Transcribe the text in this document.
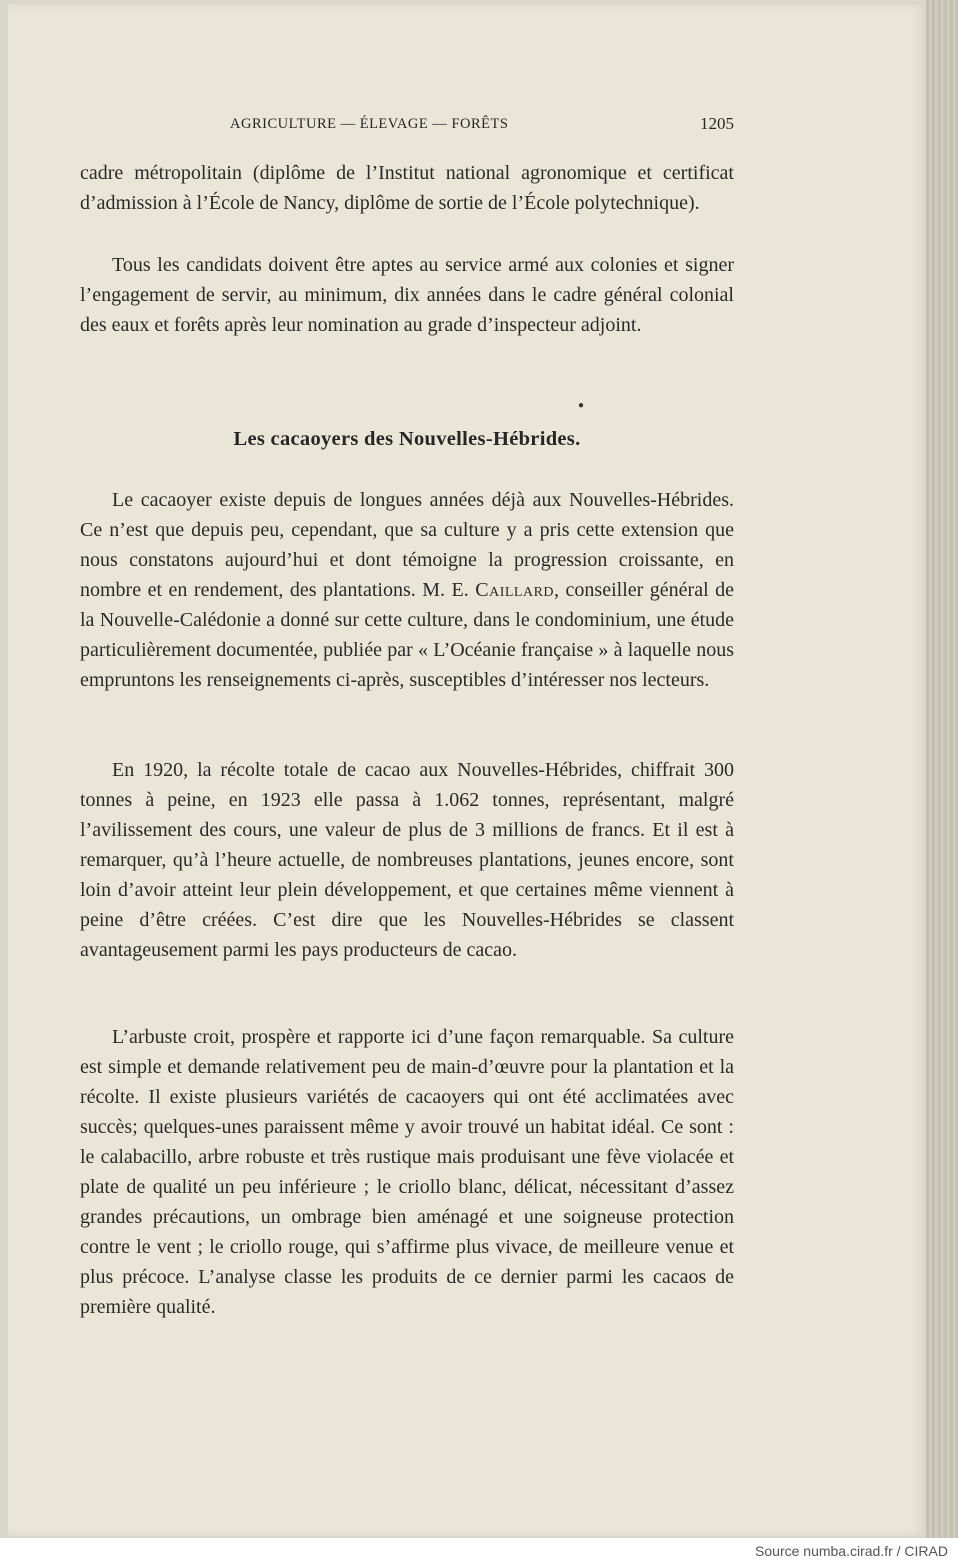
AGRICULTURE — ÉLEVAGE — FORÊTS	1205

cadre métropolitain (diplôme de l’Institut national agronomique et certificat d’admission à l’École de Nancy, diplôme de sortie de l’École polytechnique).

Tous les candidats doivent être aptes au service armé aux colonies et signer l’engagement de servir, au minimum, dix années dans le cadre général colonial des eaux et forêts après leur nomination au grade d’inspecteur adjoint.

●
Les cacaoyers des Nouvelles-Hébrides.

Le cacaoyer existe depuis de longues années déjà aux Nouvelles-Hébrides. Ce n’est que depuis peu, cependant, que sa culture y a pris cette extension que nous constatons aujourd’hui et dont témoigne la progression croissante, en nombre et en rendement, des plantations. M. E. Caillard, conseiller général de la Nouvelle-Calédonie a donné sur cette culture, dans le condominium, une étude particulièrement documentée, publiée par « L’Océanie française » à laquelle nous empruntons les renseignements ci-après, susceptibles d’intéresser nos lecteurs.

En 1920, la récolte totale de cacao aux Nouvelles-Hébrides, chiffrait 300 tonnes à peine, en 1923 elle passa à 1.062 tonnes, représentant, malgré l’avilissement des cours, une valeur de plus de 3 millions de francs. Et il est à remarquer, qu’à l’heure actuelle, de nombreuses plantations, jeunes encore, sont loin d’avoir atteint leur plein développement, et que certaines même viennent à peine d’être créées. C’est dire que les Nouvelles-Hébrides se classent avantageusement parmi les pays producteurs de cacao.

L’arbuste croit, prospère et rapporte ici d’une façon remarquable. Sa culture est simple et demande relativement peu de main-d’œuvre pour la plantation et la récolte. Il existe plusieurs variétés de cacaoyers qui ont été acclimatées avec succès; quelques-unes paraissent même y avoir trouvé un habitat idéal. Ce sont : le calabacillo, arbre robuste et très rustique mais produisant une fève violacée et plate de qualité un peu inférieure ; le criollo blanc, délicat, nécessitant d’assez grandes précautions, un ombrage bien aménagé et une soigneuse protection contre le vent ; le criollo rouge, qui s’affirme plus vivace, de meilleure venue et plus précoce. L’analyse classe les produits de ce dernier parmi les cacaos de première qualité.

Source numba.cirad.fr / CIRAD
